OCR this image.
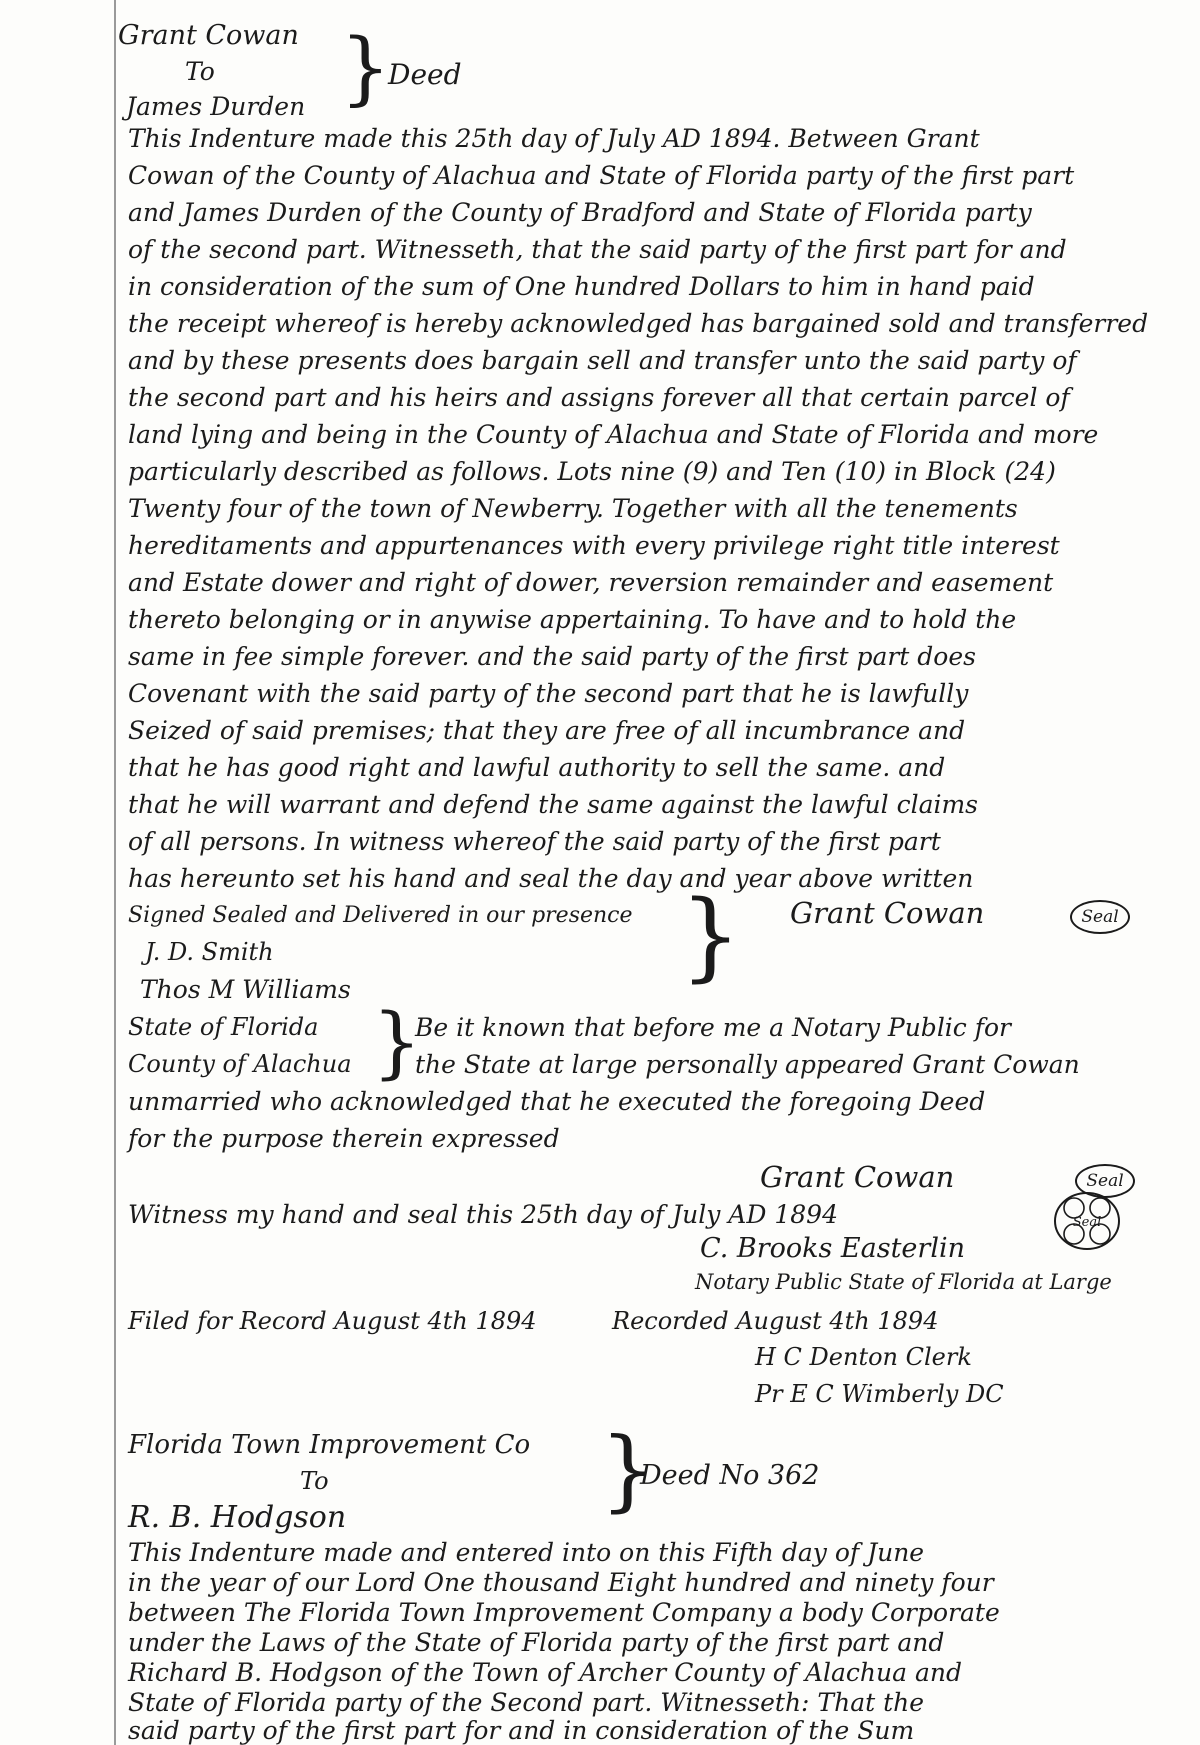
Grant Cowan
To
James Durden }
Deed
This Indenture made this 25th day of July AD 1894. Between Grant
Cowan of the County of Alachua and State of Florida party of the first part
and James Durden of the County of Bradford and State of Florida party
of the second part. Witnesseth, that the said party of the first part for and
in consideration of the sum of One hundred Dollars to him in hand paid
the receipt whereof is hereby acknowledged has bargained sold and transferred
and by these presents does bargain sell and transfer unto the said party of
the second part and his heirs and assigns forever all that certain parcel of
land lying and being in the County of Alachua and State of Florida and more
particularly described as follows. Lots nine (9) and Ten (10) in Block (24)
Twenty four of the town of Newberry. Together with all the tenements
hereditaments and appurtenances with every privilege right title interest
and Estate dower and right of dower, reversion remainder and easement
thereto belonging or in anywise appertaining. To have and to hold the
same in fee simple forever. and the said party of the first part does
Covenant with the said party of the second part that he is lawfully
Seized of said premises; that they are free of all incumbrance and
that he has good right and lawful authority to sell the same. and
that he will warrant and defend the same against the lawful claims
of all persons. In witness whereof the said party of the first part
has hereunto set his hand and seal the day and year above written
Signed Sealed and Delivered in our presence } Grant Cowan	Seal
J. D. Smith
Thos M Williams
State of Florida
County of Alachua }
Be it known that before me a Notary Public for
the State at large personally appeared Grant Cowan
unmarried who acknowledged that he executed the foregoing Deed
for the purpose therein expressed
Grant Cowan	Seal
Witness my hand and seal this 25th day of July AD 1894	Seal
C. Brooks Easterlin
Notary Public State of Florida at Large
Filed for Record August 4th 1894	Recorded August 4th 1894
H C Denton Clerk
Pr E C Wimberly DC
Florida Town Improvement Co
To	}
Deed No 362
R. B. Hodgson
This Indenture made and entered into on this Fifth day of June
in the year of our Lord One thousand Eight hundred and ninety four
between The Florida Town Improvement Company a body Corporate
under the Laws of the State of Florida party of the first part and
Richard B. Hodgson of the Town of Archer County of Alachua and
State of Florida party of the Second part. Witnesseth: That the
said party of the first part for and in consideration of the Sum
